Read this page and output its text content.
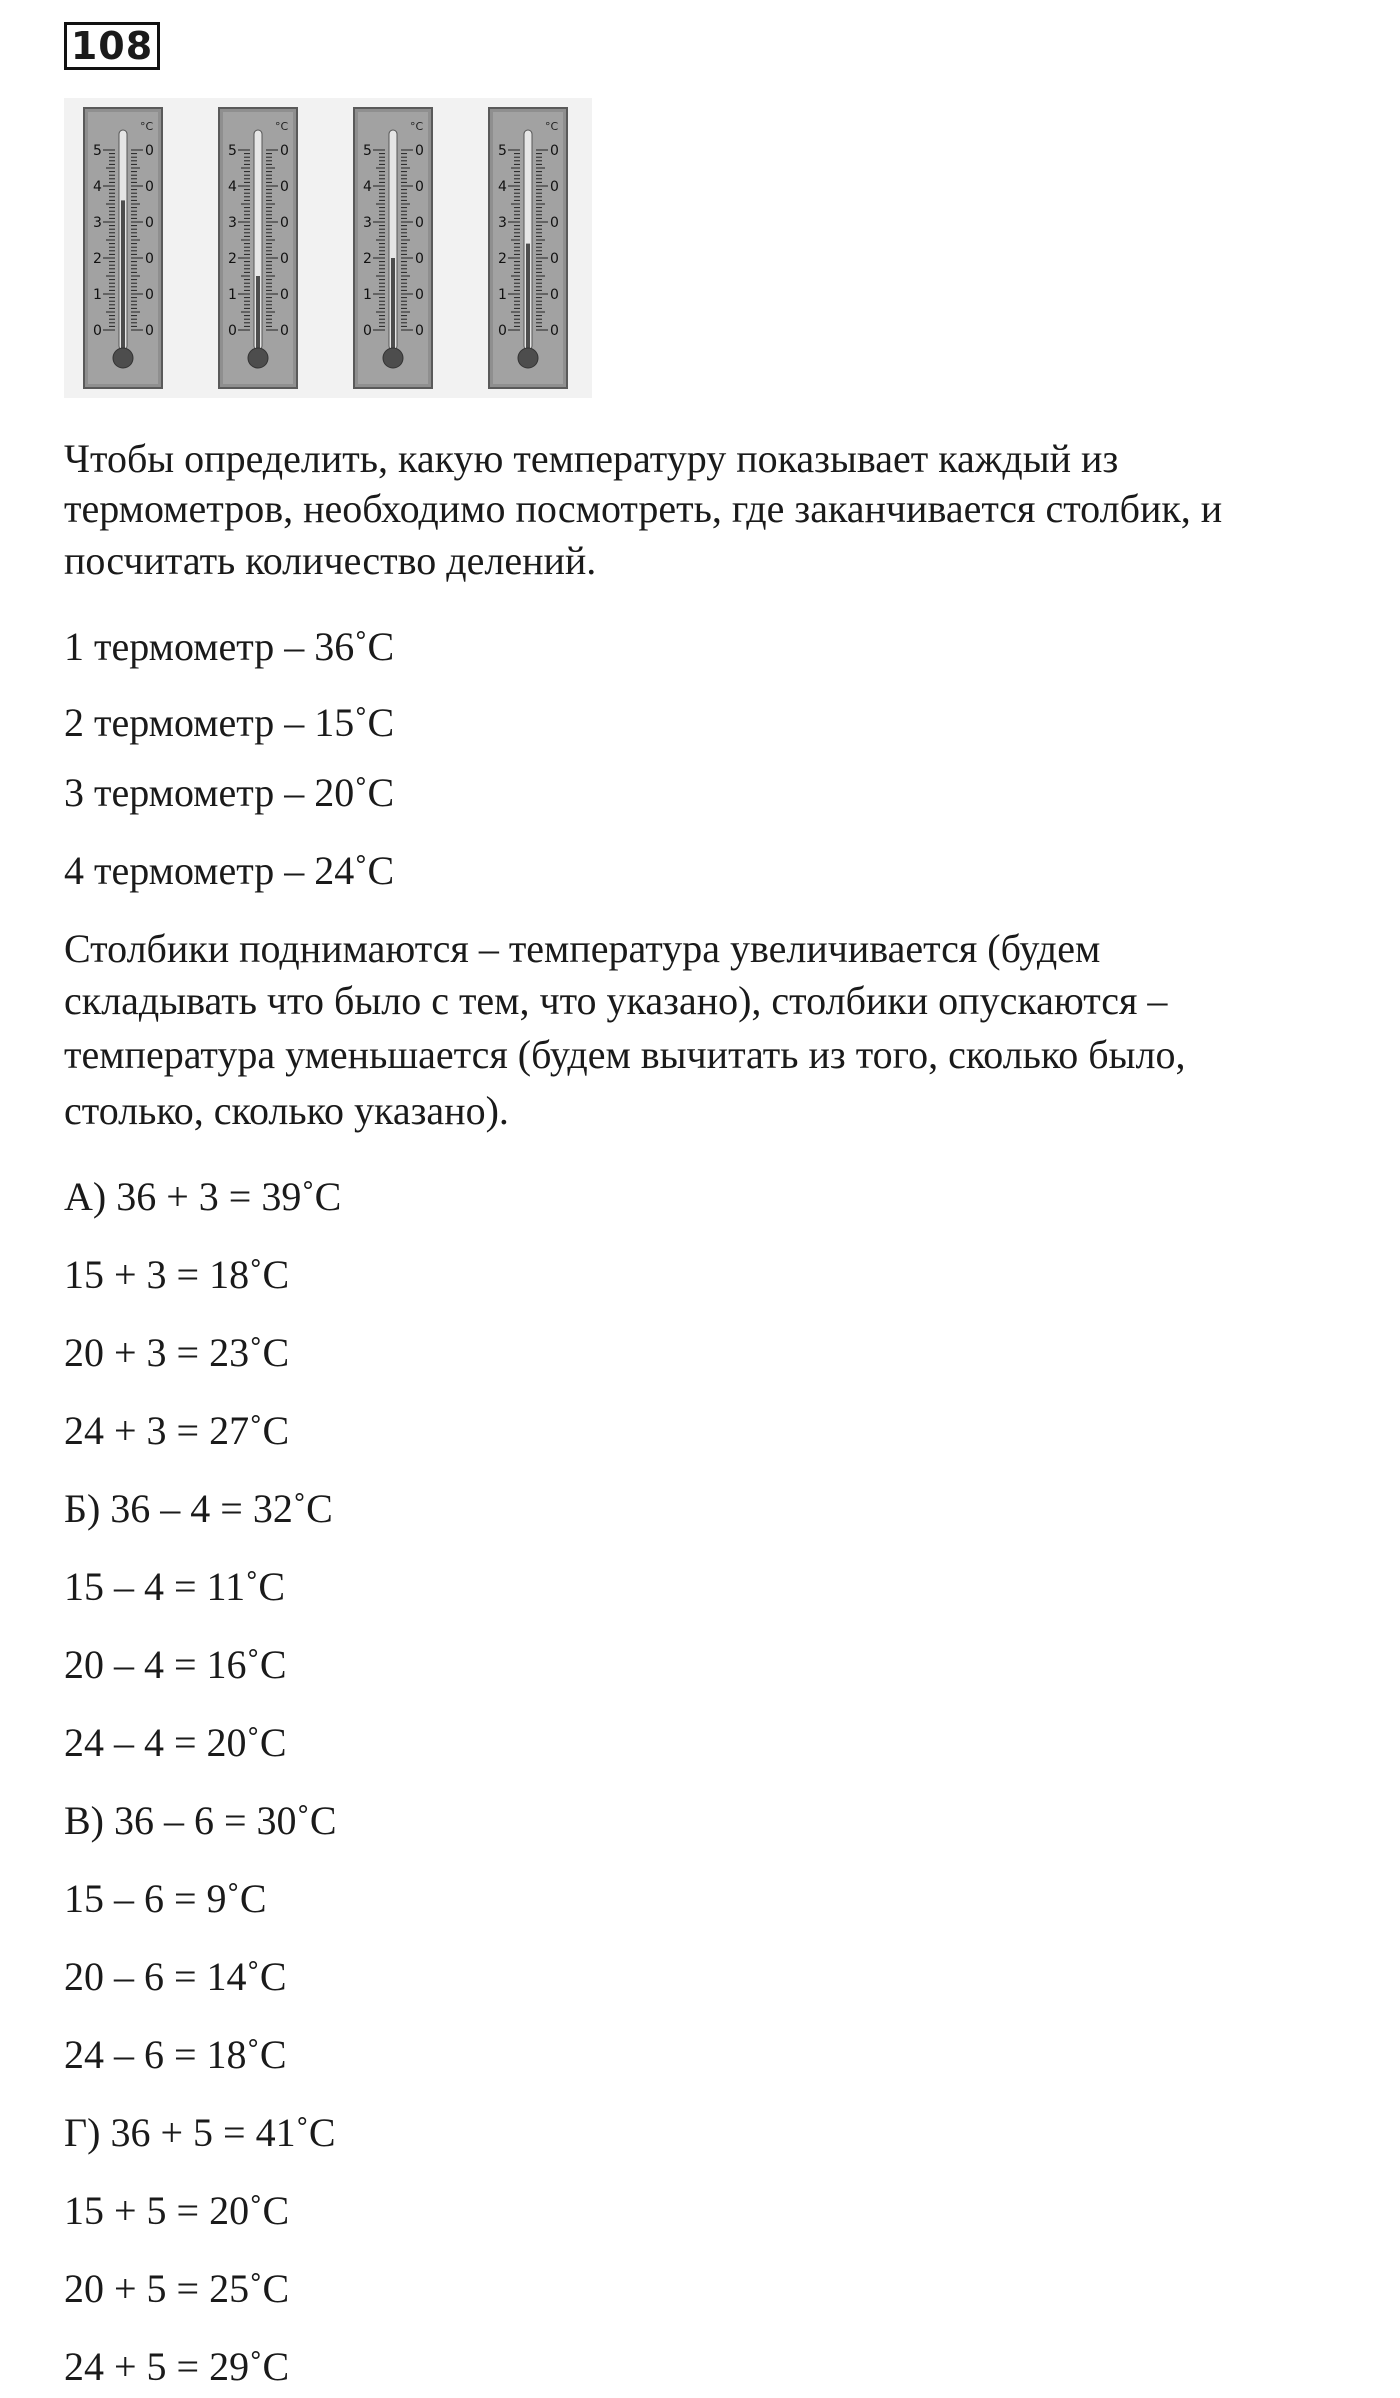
108
°C
5	0
4	0
3	0
2	0
1	0
0	0
°C
5	0
4	0
3	0
2	0
1	0
0	0
°C
5	0
4	0
3	0
2	0
1	0
0	0
°C
5	0
4	0
3	0
2	0
1	0
0	0
Чтобы определить, какую температуру показывает каждый из
термометров, необходимо посмотреть, где заканчивается столбик, и
посчитать количество делений.
1 термометр – 36˚С
2 термометр – 15˚С
3 термометр – 20˚С
4 термометр – 24˚С
Столбики поднимаются – температура увеличивается (будем
складывать что было с тем, что указано), столбики опускаются –
температура уменьшается (будем вычитать из того, сколько было,
столько, сколько указано).
А) 36 + 3 = 39˚С
15 + 3 = 18˚С
20 + 3 = 23˚С
24 + 3 = 27˚С
Б) 36 – 4 = 32˚С
15 – 4 = 11˚С
20 – 4 = 16˚С
24 – 4 = 20˚С
В) 36 – 6 = 30˚С
15 – 6 = 9˚С
20 – 6 = 14˚С
24 – 6 = 18˚С
Г) 36 + 5 = 41˚С
15 + 5 = 20˚С
20 + 5 = 25˚С
24 + 5 = 29˚С
